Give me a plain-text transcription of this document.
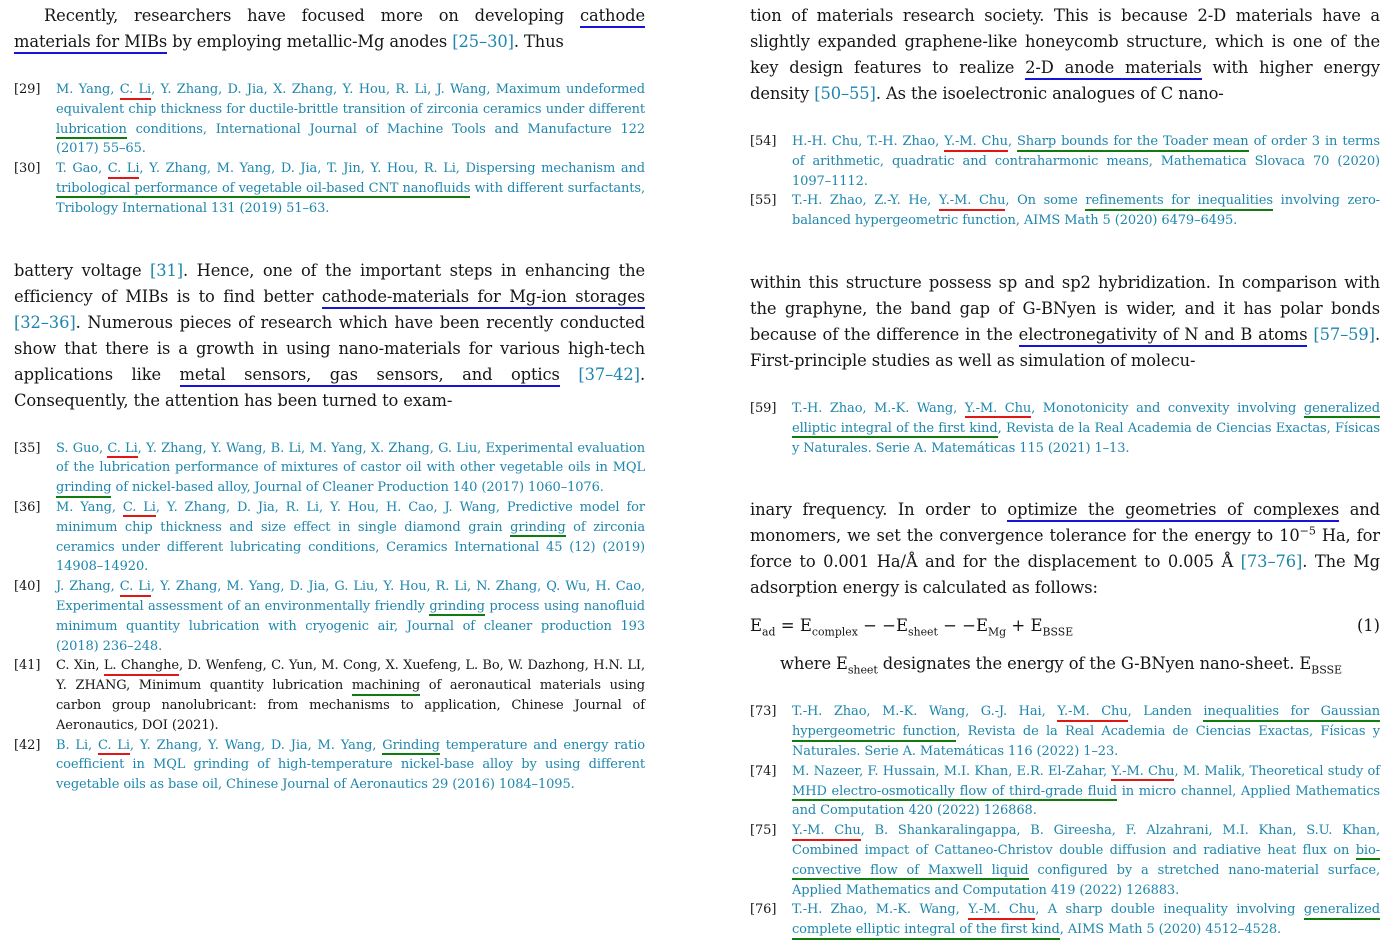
Recently, researchers have focused more on developing cathode materials for MIBs by employing metallic-Mg anodes [25–30]. Thus

[29]	M. Yang, C. Li, Y. Zhang, D. Jia, X. Zhang, Y. Hou, R. Li, J. Wang, Maximum undeformed equivalent chip thickness for ductile-brittle transition of zirconia ceramics under different lubrication conditions, International Journal of Machine Tools and Manufacture 122 (2017) 55–65.
[30]	T. Gao, C. Li, Y. Zhang, M. Yang, D. Jia, T. Jin, Y. Hou, R. Li, Dispersing mechanism and tribological performance of vegetable oil-based CNT nanofluids with different surfactants, Tribology International 131 (2019) 51–63.

battery voltage [31]. Hence, one of the important steps in enhancing the efficiency of MIBs is to find better cathode-materials for Mg-ion storages [32–36]. Numerous pieces of research which have been recently conducted show that there is a growth in using nano-materials for various high-tech applications like metal sensors, gas sensors, and optics [37–42]. Consequently, the attention has been turned to exam-

[35]	S. Guo, C. Li, Y. Zhang, Y. Wang, B. Li, M. Yang, X. Zhang, G. Liu, Experimental evaluation of the lubrication performance of mixtures of castor oil with other vegetable oils in MQL grinding of nickel-based alloy, Journal of Cleaner Production 140 (2017) 1060–1076.
[36]	M. Yang, C. Li, Y. Zhang, D. Jia, R. Li, Y. Hou, H. Cao, J. Wang, Predictive model for minimum chip thickness and size effect in single diamond grain grinding of zirconia ceramics under different lubricating conditions, Ceramics International 45 (12) (2019) 14908–14920.
[40]	J. Zhang, C. Li, Y. Zhang, M. Yang, D. Jia, G. Liu, Y. Hou, R. Li, N. Zhang, Q. Wu, H. Cao, Experimental assessment of an environmentally friendly grinding process using nanofluid minimum quantity lubrication with cryogenic air, Journal of cleaner production 193 (2018) 236–248.
[41]	C. Xin, L. Changhe, D. Wenfeng, C. Yun, M. Cong, X. Xuefeng, L. Bo, W. Dazhong, H.N. LI, Y. ZHANG, Minimum quantity lubrication machining of aeronautical materials using carbon group nanolubricant: from mechanisms to application, Chinese Journal of Aeronautics, DOI (2021).
[42]	B. Li, C. Li, Y. Zhang, Y. Wang, D. Jia, M. Yang, Grinding temperature and energy ratio coefficient in MQL grinding of high-temperature nickel-base alloy by using different vegetable oils as base oil, Chinese Journal of Aeronautics 29 (2016) 1084–1095.

tion of materials research society. This is because 2-D materials have a slightly expanded graphene-like honeycomb structure, which is one of the key design features to realize 2-D anode materials with higher energy density [50–55]. As the isoelectronic analogues of C nano-

[54]	H.-H. Chu, T.-H. Zhao, Y.-M. Chu, Sharp bounds for the Toader mean of order 3 in terms of arithmetic, quadratic and contraharmonic means, Mathematica Slovaca 70 (2020) 1097–1112.
[55]	T.-H. Zhao, Z.-Y. He, Y.-M. Chu, On some refinements for inequalities involving zero-balanced hypergeometric function, AIMS Math 5 (2020) 6479–6495.

within this structure possess sp and sp2 hybridization. In comparison with the graphyne, the band gap of G-BNyen is wider, and it has polar bonds because of the difference in the electronegativity of N and B atoms [57–59]. First-principle studies as well as simulation of molecu-

[59]	T.-H. Zhao, M.-K. Wang, Y.-M. Chu, Monotonicity and convexity involving generalized elliptic integral of the first kind, Revista de la Real Academia de Ciencias Exactas, Físicas y Naturales. Serie A. Matemáticas 115 (2021) 1–13.

inary frequency. In order to optimize the geometries of complexes and monomers, we set the convergence tolerance for the energy to $10^{-5}$ Ha, for force to 0.001 Ha/Å and for the displacement to 0.005 Å [73–76]. The Mg adsorption energy is calculated as follows:

$E_{ad} = E_{complex} - -E_{sheet} - -E_{Mg} + E_{BSSE}$	(1)

where $E_{sheet}$ designates the energy of the G-BNyen nano-sheet. $E_{BSSE}$

[73]	T.-H. Zhao, M.-K. Wang, G.-J. Hai, Y.-M. Chu, Landen inequalities for Gaussian hypergeometric function, Revista de la Real Academia de Ciencias Exactas, Físicas y Naturales. Serie A. Matemáticas 116 (2022) 1–23.
[74]	M. Nazeer, F. Hussain, M.I. Khan, E.R. El-Zahar, Y.-M. Chu, M. Malik, Theoretical study of MHD electro-osmotically flow of third-grade fluid in micro channel, Applied Mathematics and Computation 420 (2022) 126868.
[75]	Y.-M. Chu, B. Shankaralingappa, B. Gireesha, F. Alzahrani, M.I. Khan, S.U. Khan, Combined impact of Cattaneo-Christov double diffusion and radiative heat flux on bio-convective flow of Maxwell liquid configured by a stretched nano-material surface, Applied Mathematics and Computation 419 (2022) 126883.
[76]	T.-H. Zhao, M.-K. Wang, Y.-M. Chu, A sharp double inequality involving generalized complete elliptic integral of the first kind, AIMS Math 5 (2020) 4512–4528.
